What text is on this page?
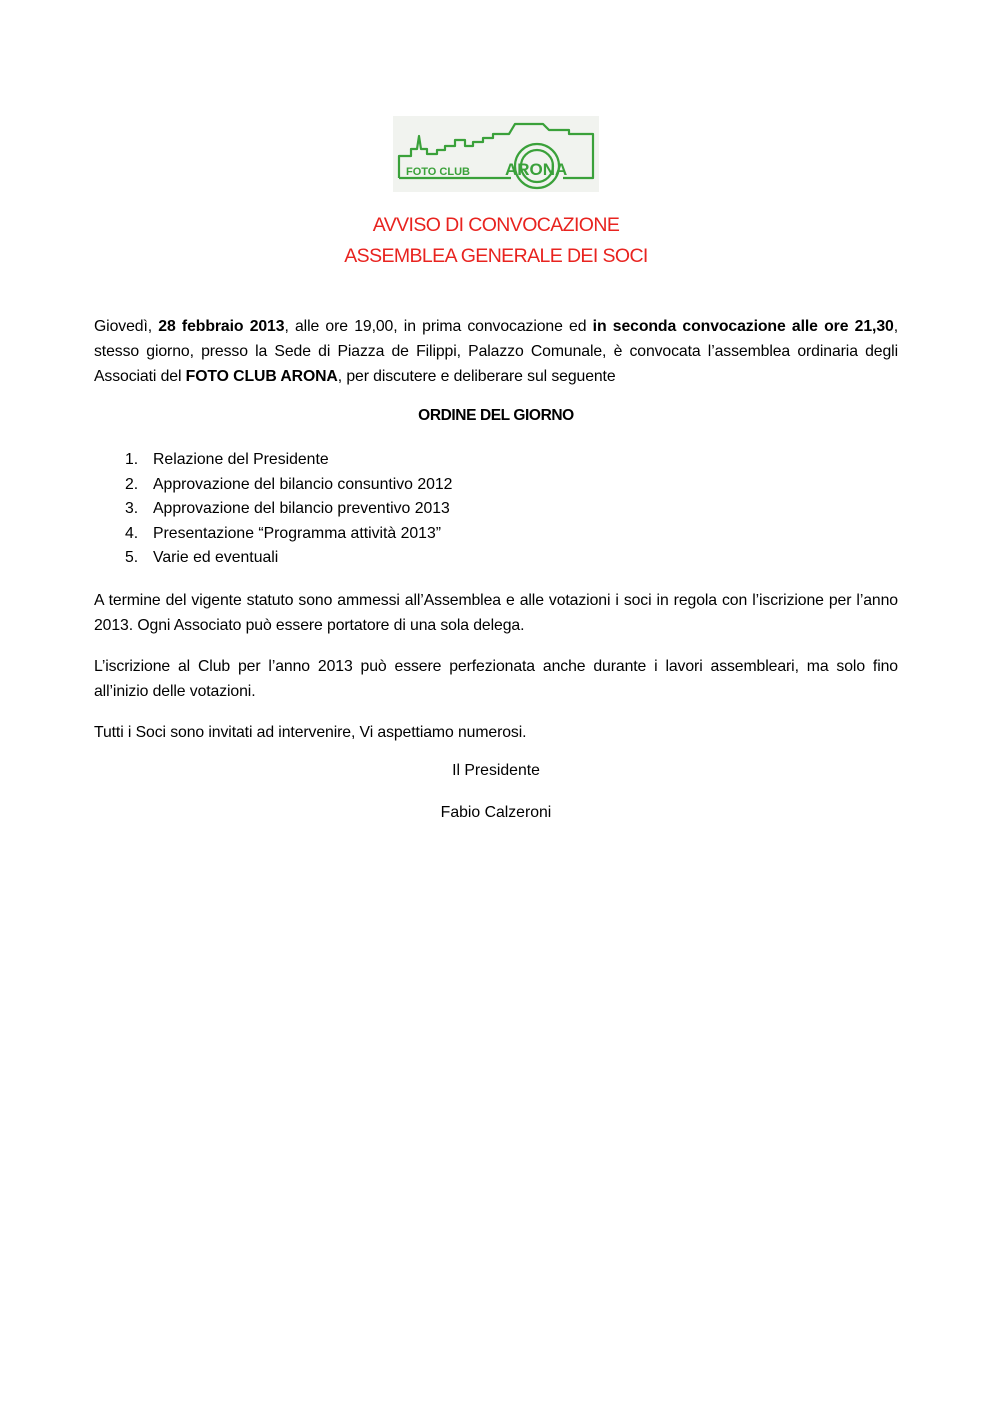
FOTO CLUB ARONA
AVVISO DI CONVOCAZIONE
ASSEMBLEA GENERALE DEI SOCI

Giovedì, 28 febbraio 2013, alle ore 19,00, in prima convocazione ed in seconda convocazione alle ore 21,30, stesso giorno, presso la Sede di Piazza de Filippi, Palazzo Comunale, è convocata l’assemblea ordinaria degli Associati del FOTO CLUB ARONA, per discutere e deliberare sul seguente

ORDINE DEL GIORNO
1. Relazione del Presidente
2. Approvazione del bilancio consuntivo 2012
3. Approvazione del bilancio preventivo 2013
4. Presentazione “Programma attività 2013”
5. Varie ed eventuali

A termine del vigente statuto sono ammessi all’Assemblea e alle votazioni i soci in regola con l’iscrizione per l’anno 2013. Ogni Associato può essere portatore di una sola delega.

L’iscrizione al Club per l’anno 2013 può essere perfezionata anche durante i lavori assembleari, ma solo fino all’inizio delle votazioni.

Tutti i Soci sono invitati ad intervenire, Vi aspettiamo numerosi.

Il Presidente
Fabio Calzeroni
